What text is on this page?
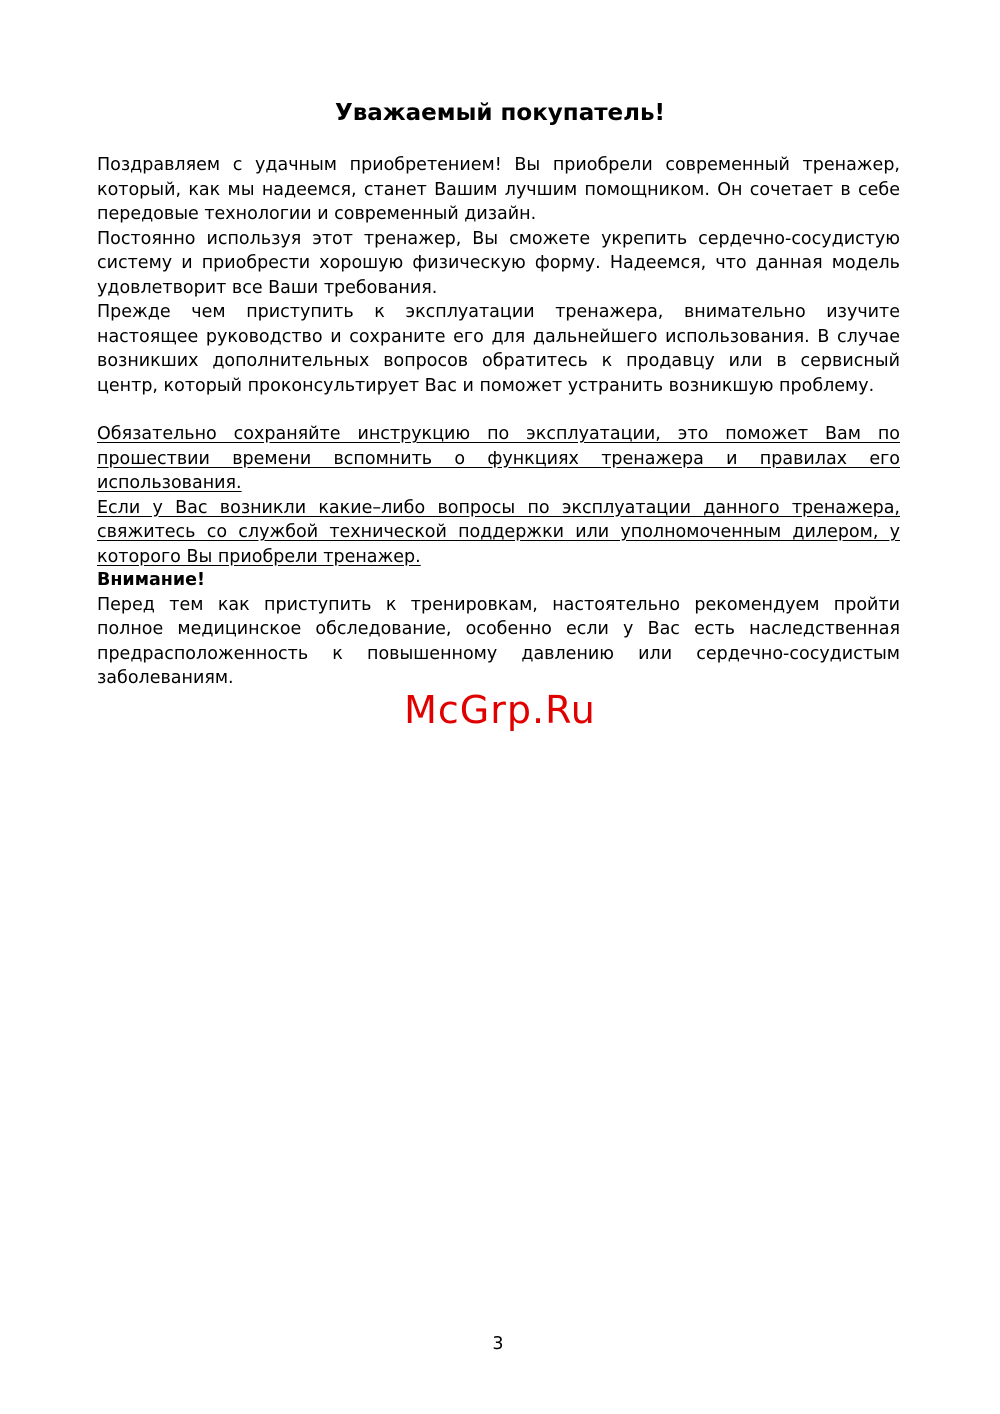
Уважаемый покупатель!

Поздравляем с удачным приобретением! Вы приобрели современный тренажер, который, как мы надеемся, станет Вашим лучшим помощником. Он сочетает в себе передовые технологии и современный дизайн.

Постоянно используя этот тренажер, Вы сможете укрепить сердечно-сосудистую систему и приобрести хорошую физическую форму. Надеемся, что данная модель удовлетворит все Ваши требования.

Прежде чем приступить к эксплуатации тренажера, внимательно изучите настоящее руководство и сохраните его для дальнейшего использования. В случае возникших дополнительных вопросов обратитесь к продавцу или в сервисный центр, который проконсультирует Вас и поможет устранить возникшую проблему.

Обязательно сохраняйте инструкцию по эксплуатации, это поможет Вам по прошествии времени вспомнить о функциях тренажера и правилах его использования.

Если у Вас возникли какие–либо вопросы по эксплуатации данного тренажера, свяжитесь со службой технической поддержки или уполномоченным дилером, у которого Вы приобрели тренажер.

Внимание!

Перед тем как приступить к тренировкам, настоятельно рекомендуем пройти полное медицинское обследование, особенно если у Вас есть наследственная предрасположенность к повышенному давлению или сердечно-сосудистым заболеваниям.

McGrp.Ru
3
